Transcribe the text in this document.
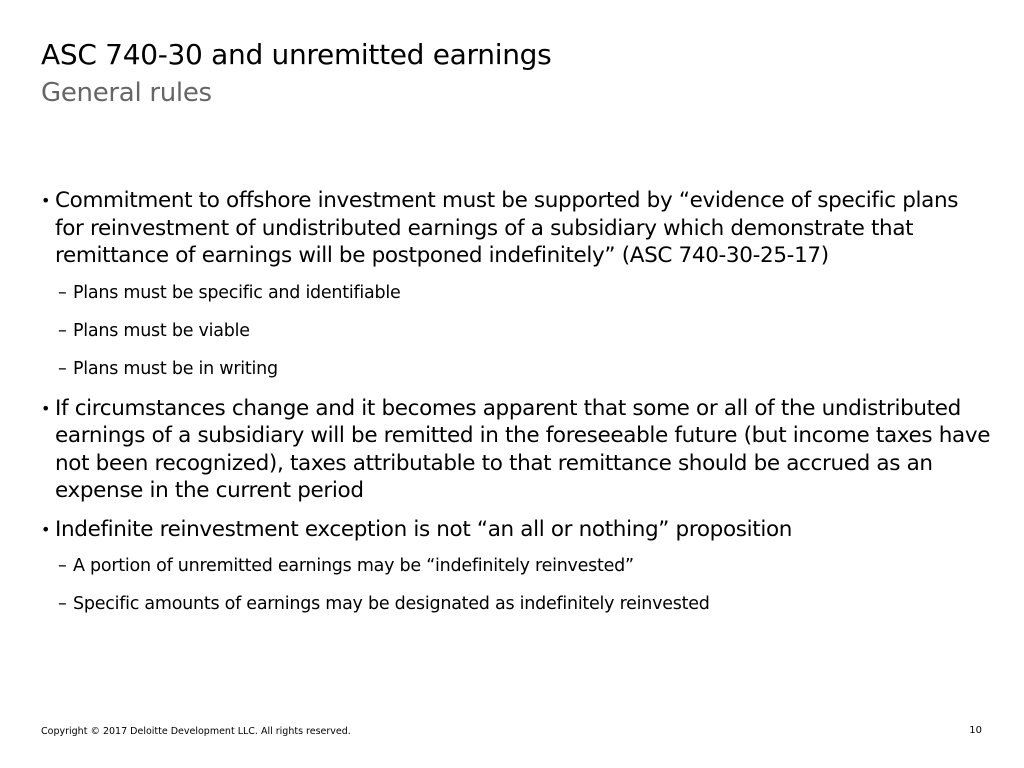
ASC 740-30 and unremitted earnings
General rules
• Commitment to offshore investment must be supported by “evidence of specific plans for reinvestment of undistributed earnings of a subsidiary which demonstrate that remittance of earnings will be postponed indefinitely” (ASC 740-30-25-17)
– Plans must be specific and identifiable
– Plans must be viable
– Plans must be in writing
• If circumstances change and it becomes apparent that some or all of the undistributed earnings of a subsidiary will be remitted in the foreseeable future (but income taxes have not been recognized), taxes attributable to that remittance should be accrued as an expense in the current period
• Indefinite reinvestment exception is not “an all or nothing” proposition
– A portion of unremitted earnings may be “indefinitely reinvested”
– Specific amounts of earnings may be designated as indefinitely reinvested
Copyright © 2017 Deloitte Development LLC. All rights reserved.	10
